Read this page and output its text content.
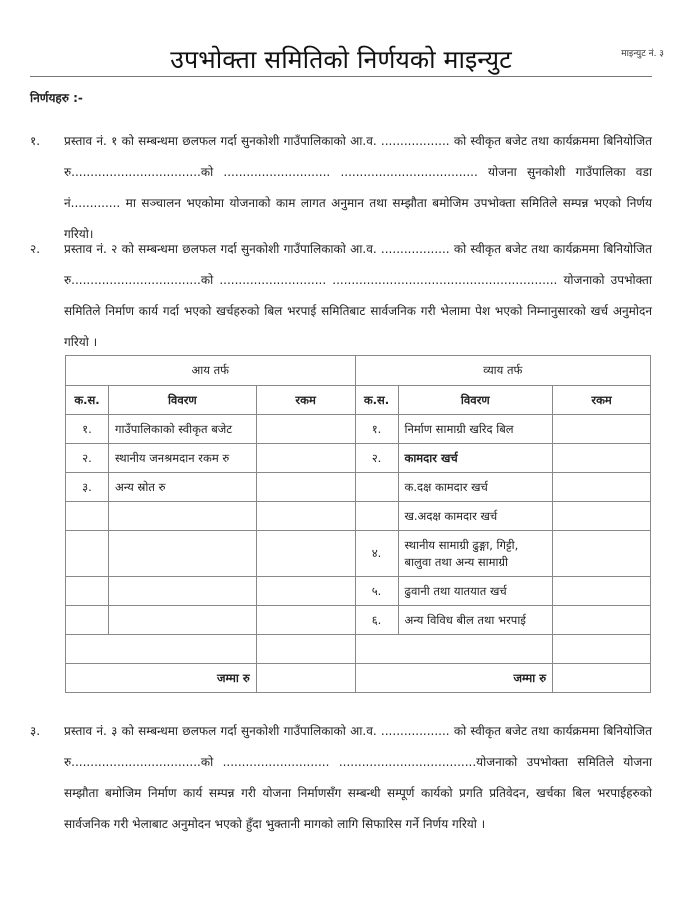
उपभोक्ता समितिको निर्णयको माइन्युट	माइन्युट नं. ३
निर्णयहरु :-
१. प्रस्ताव नं. १ को सम्बन्धमा छलफल गर्दा सुनकोशी गाउँपालिकाको आ.व. .................. को स्वीकृत बजेट तथा कार्यक्रममा बिनियोजित रु..................................को ............................ .................................... योजना सुनकोशी गाउँपालिका वडा नं............. मा सञ्चालन भएकोमा योजनाको काम लागत अनुमान तथा सम्झौता बमोजिम उपभोक्ता समितिले सम्पन्न भएको निर्णय गरियो।
२. प्रस्ताव नं. २ को सम्बन्धमा छलफल गर्दा सुनकोशी गाउँपालिकाको आ.व. .................. को स्वीकृत बजेट तथा कार्यक्रममा बिनियोजित रु..................................को ............................ ........................................................... योजनाको उपभोक्ता समितिले निर्माण कार्य गर्दा भएको खर्चहरुको बिल भरपाई समितिबाट सार्वजनिक गरी भेलामा पेश भएको निम्नानुसारको खर्च अनुमोदन गरियो ।
आय तर्फ			व्याय तर्फ		
क.स.	विवरण	रकम	क.स.	विवरण	रकम
१.	गाउँपालिकाको स्वीकृत बजेट		१.	निर्माण सामाग्री खरिद बिल	
२.	स्थानीय जनश्रमदान रकम रु		२.	कामदार खर्च	
३.	अन्य स्रोत रु			क.दक्ष कामदार खर्च	
				ख.अदक्ष कामदार खर्च	
			४.	स्थानीय सामाग्री ढुङ्गा, गिट्टी, बालुवा तथा अन्य सामाग्री	
			५.	ढुवानी तथा यातयात खर्च	
			६.	अन्य विविध बील तथा भरपाई	

जम्मा रु			जम्मा रु		
३. प्रस्ताव नं. ३ को सम्बन्धमा छलफल गर्दा सुनकोशी गाउँपालिकाको आ.व. .................. को स्वीकृत बजेट तथा कार्यक्रममा बिनियोजित रु..................................को ............................ ....................................योजनाको उपभोक्ता समितिले योजना सम्झौता बमोजिम निर्माण कार्य सम्पन्न गरी योजना निर्माणसँग सम्बन्धी सम्पूर्ण कार्यको प्रगति प्रतिवेदन, खर्चका बिल भरपाईहरुको सार्वजनिक गरी भेलाबाट अनुमोदन भएको हुँदा भुक्तानी मागको लागि सिफारिस गर्ने निर्णय गरियो ।
